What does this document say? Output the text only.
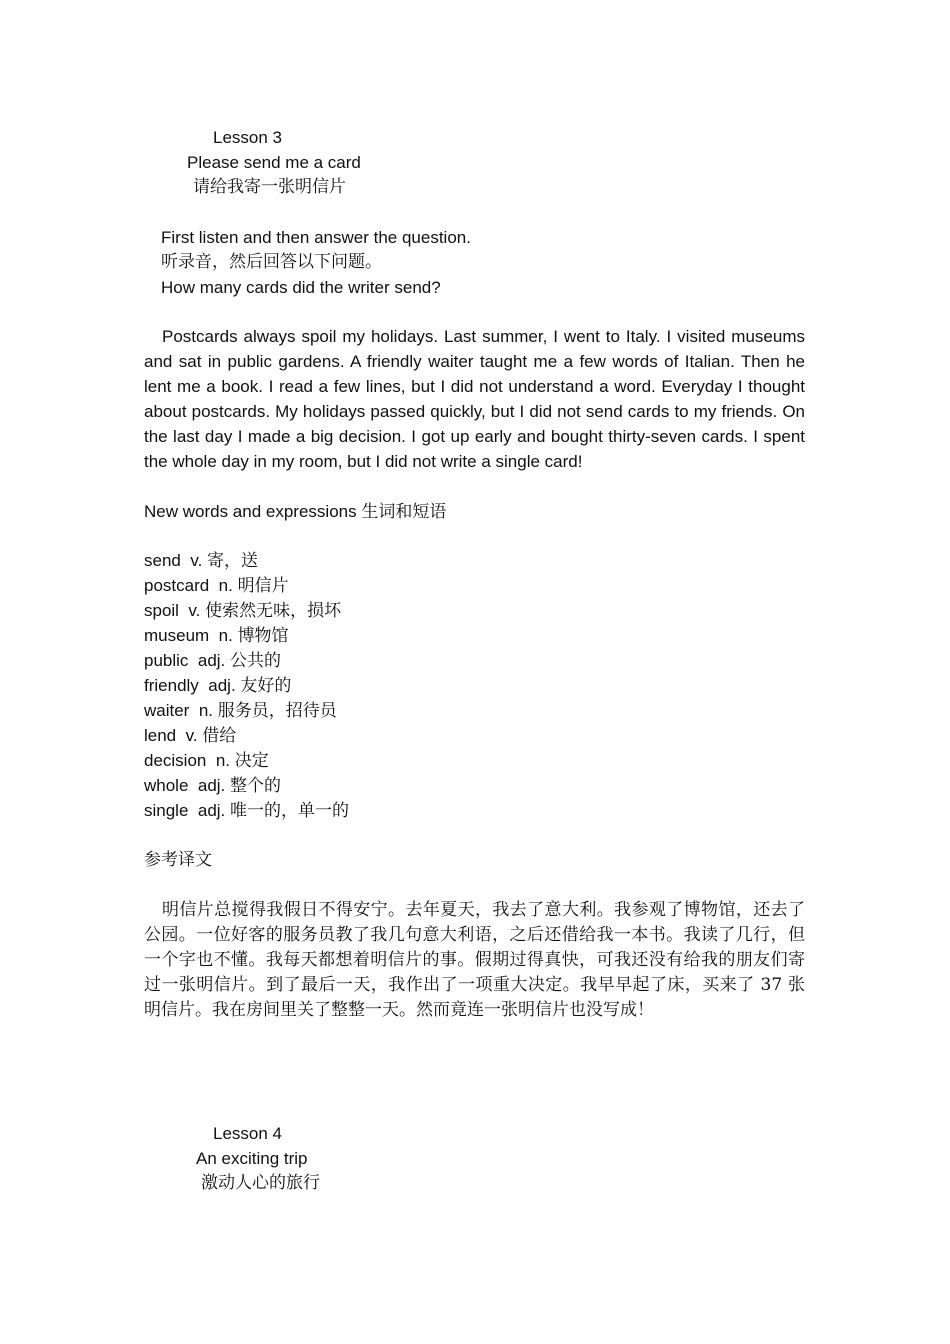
Lesson 3
Please send me a card
请给我寄一张明信片
First listen and then answer the question.
听录音，然后回答以下问题。
How many cards did the writer send?
Postcards always spoil my holidays. Last summer, I went to Italy. I visited museums and sat in public gardens. A friendly waiter taught me a few words of Italian. Then he lent me a book. I read a few lines, but I did not understand a word. Everyday I thought about postcards. My holidays passed quickly, but I did not send cards to my friends. On the last day I made a big decision. I got up early and bought thirty-seven cards. I spent the whole day in my room, but I did not write a single card!
New words and expressions 生词和短语
send v. 寄，送
postcard n. 明信片
spoil v. 使索然无味，损坏
museum n. 博物馆
public adj. 公共的
friendly adj. 友好的
waiter n. 服务员，招待员
lend v. 借给
decision n. 决定
whole adj. 整个的
single adj. 唯一的，单一的
参考译文
明信片总搅得我假日不得安宁。去年夏天，我去了意大利。我参观了博物馆，还去了公园。一位好客的服务员教了我几句意大利语，之后还借给我一本书。我读了几行，但一个字也不懂。我每天都想着明信片的事。假期过得真快，可我还没有给我的朋友们寄过一张明信片。到了最后一天，我作出了一项重大决定。我早早起了床，买来了 37 张明信片。我在房间里关了整整一天。然而竟连一张明信片也没写成！
Lesson 4
An exciting trip
激动人心的旅行
